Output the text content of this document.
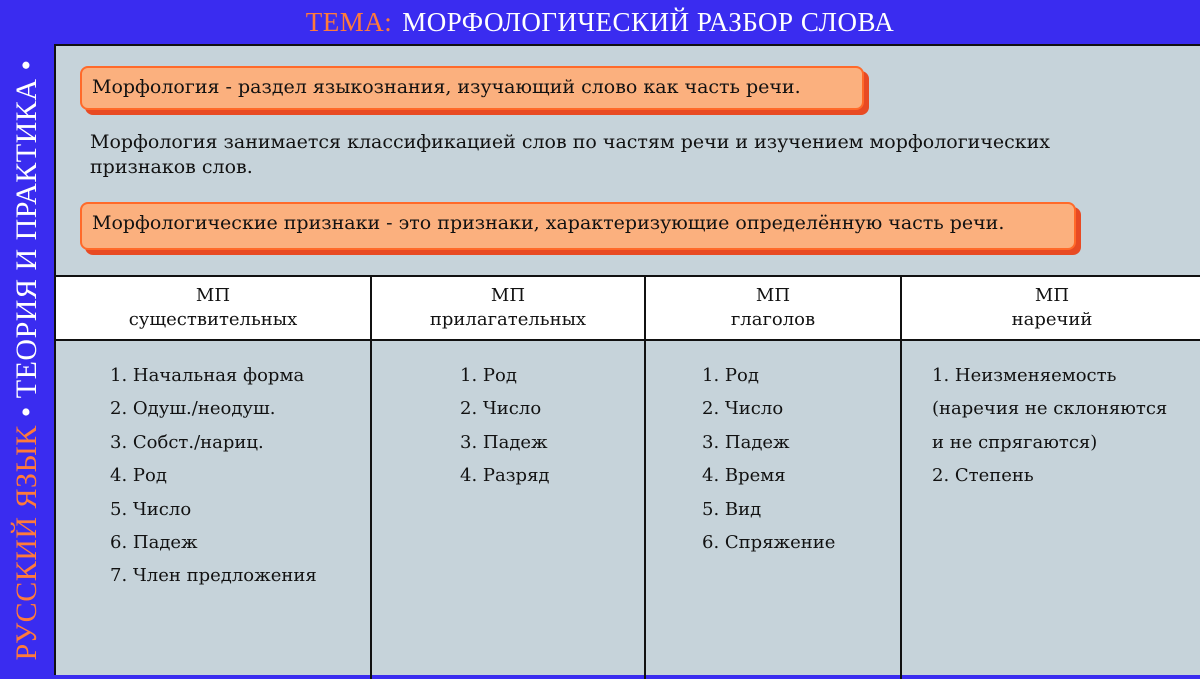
ТЕМА: МОРФОЛОГИЧЕСКИЙ РАЗБОР СЛОВА
РУССКИЙ ЯЗЫК • ТЕОРИЯ И ПРАКТИКА •
Морфология - раздел языкознания, изучающий слово как часть речи.
Морфология занимается классификацией слов по частям речи и изучением морфологических признаков слов.
Морфологические признаки - это признаки, характеризующие определённую часть речи.
МП
существительных
1. Начальная форма
2. Одуш./неодуш.
3. Собст./нариц.
4. Род
5. Число
6. Падеж
7. Член предложения
МП
прилагательных
1. Род
2. Число
3. Падеж
4. Разряд
МП
глаголов
1. Род
2. Число
3. Падеж
4. Время
5. Вид
6. Спряжение
МП
наречий
1. Неизменяемость
(наречия не склоняются
и не спрягаются)
2. Степень
